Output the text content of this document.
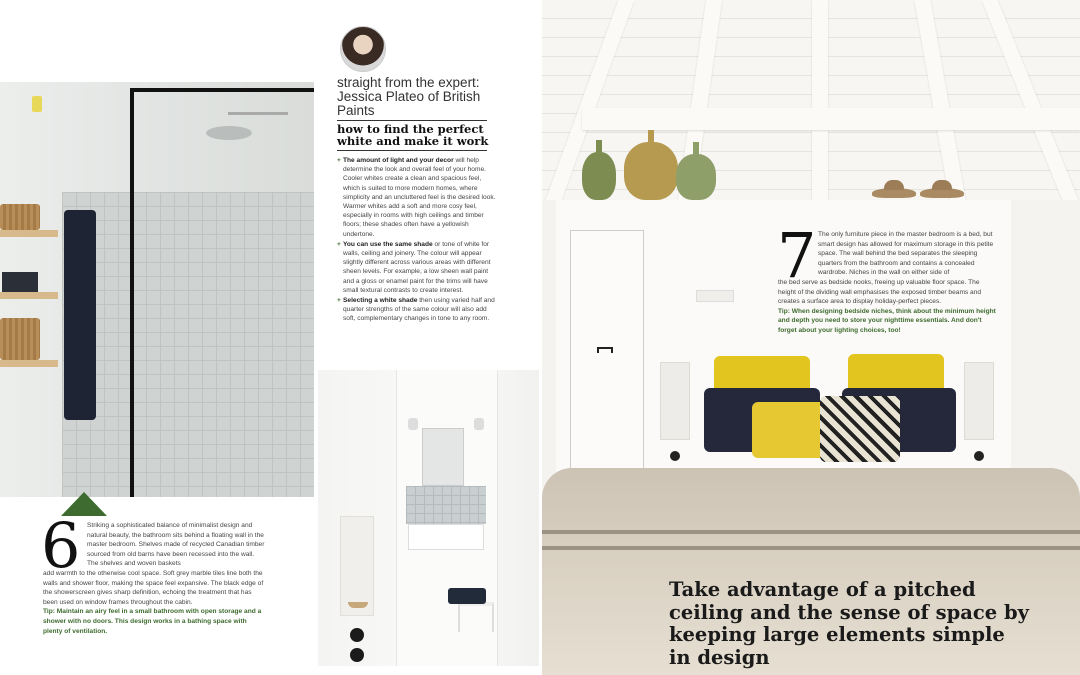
straight from the expert: Jessica Plateo of British Paints
how to find the perfect white and make it work
+ The amount of light and your decor will help determine the look and overall feel of your home. Cooler whites create a clean and spacious feel, which is suited to more modern homes, where simplicity and an uncluttered feel is the desired look. Warmer whites add a soft and more cosy feel, especially in rooms with high ceilings and timber floors; these shades often have a yellowish undertone.
+ You can use the same shade or tone of white for walls, ceiling and joinery. The colour will appear slightly different across various areas with different sheen levels. For example, a low sheen wall paint and a gloss or enamel paint for the trims will have small textural contrasts to create interest.
+ Selecting a white shade then using varied half and quarter strengths of the same colour will also add soft, complementary changes in tone to any room.
6 Striking a sophisticated balance of minimalist design and natural beauty, the bathroom sits behind a floating wall in the master bedroom. Shelves made of recycled Canadian timber sourced from old barns have been recessed into the wall. The shelves and woven baskets
add warmth to the otherwise cool space. Soft grey marble tiles line both the walls and shower floor, making the space feel expansive. The black edge of the showerscreen gives sharp definition, echoing the treatment that has been used on window frames throughout the cabin.
Tip: Maintain an airy feel in a small bathroom with open storage and a shower with no doors. This design works in a bathing space with plenty of ventilation.
7 The only furniture piece in the master bedroom is a bed, but smart design has allowed for maximum storage in this petite space. The wall behind the bed separates the sleeping quarters from the bathroom and contains a concealed wardrobe. Niches in the wall on either side of
the bed serve as bedside nooks, freeing up valuable floor space. The height of the dividing wall emphasises the exposed timber beams and creates a surface area to display holiday-perfect pieces.
Tip: When designing bedside niches, think about the minimum height and depth you need to store your nighttime essentials. And don't forget about your lighting choices, too!
Take advantage of a pitched ceiling and the sense of space by keeping large elements simple in design
